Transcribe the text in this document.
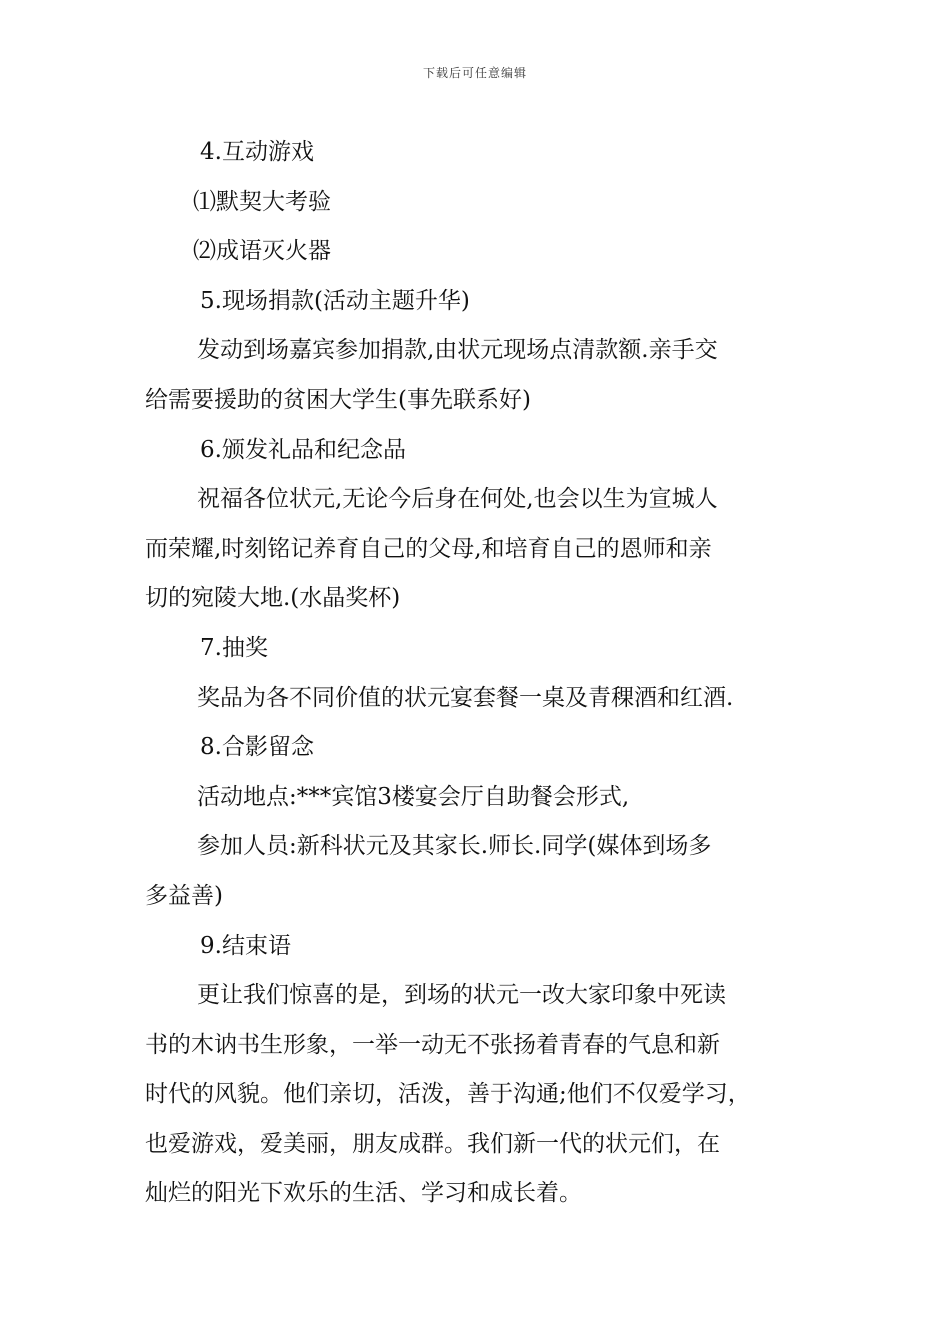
下载后可任意编辑

4.互动游戏

⑴默契大考验

⑵成语灭火器

5.现场捐款(活动主题升华)

发动到场嘉宾参加捐款,由状元现场点清款额.亲手交

给需要援助的贫困大学生(事先联系好)

6.颁发礼品和纪念品

祝福各位状元,无论今后身在何处,也会以生为宣城人

而荣耀,时刻铭记养育自己的父母,和培育自己的恩师和亲

切的宛陵大地.(水晶奖杯)

7.抽奖

奖品为各不同价值的状元宴套餐一桌及青稞酒和红酒.

8.合影留念

活动地点:***宾馆3楼宴会厅自助餐会形式,

参加人员:新科状元及其家长.师长.同学(媒体到场多

多益善)

9.结束语

更让我们惊喜的是，到场的状元一改大家印象中死读

书的木讷书生形象，一举一动无不张扬着青春的气息和新

时代的风貌。他们亲切，活泼，善于沟通;他们不仅爱学习，

也爱游戏，爱美丽，朋友成群。我们新一代的状元们，在

灿烂的阳光下欢乐的生活、学习和成长着。
